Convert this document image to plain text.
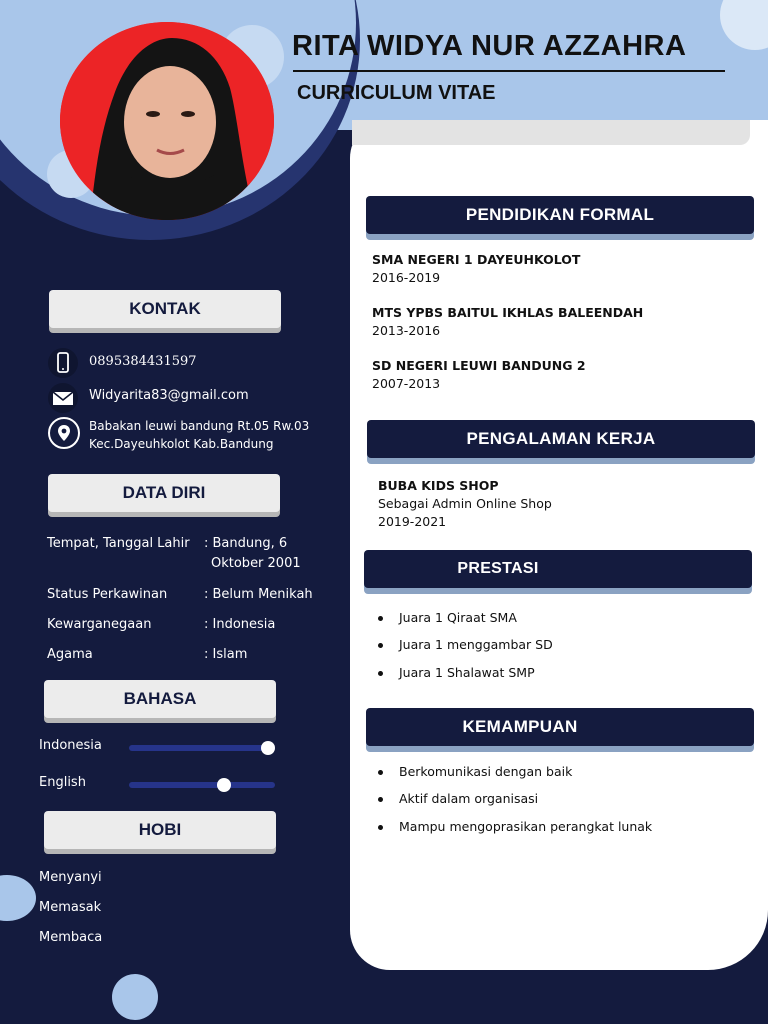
RITA WIDYA NUR AZZAHRA
CURRICULUM VITAE
KONTAK
0895384431597
Widyarita83@gmail.com
Babakan leuwi bandung Rt.05 Rw.03
Kec.Dayeuhkolot Kab.Bandung
DATA DIRI
Tempat, Tanggal Lahir : Bandung, 6
Oktober 2001
Status Perkawinan	: Belum Menikah
Kewarganegaan	: Indonesia
Agama	: Islam
BAHASA
Indonesia
English
HOBI
Menyanyi
Memasak
Membaca
PENDIDIKAN FORMAL
SMA NEGERI 1 DAYEUHKOLOT
2016-2019
MTS YPBS BAITUL IKHLAS BALEENDAH
2013-2016
SD NEGERI LEUWI BANDUNG 2
2007-2013
PENGALAMAN KERJA
BUBA KIDS SHOP
Sebagai Admin Online Shop
2019-2021
PRESTASI
Juara 1 Qiraat SMA
Juara 1 menggambar SD
Juara 1 Shalawat SMP
KEMAMPUAN
Berkomunikasi dengan baik
Aktif dalam organisasi
Mampu mengoprasikan perangkat lunak
